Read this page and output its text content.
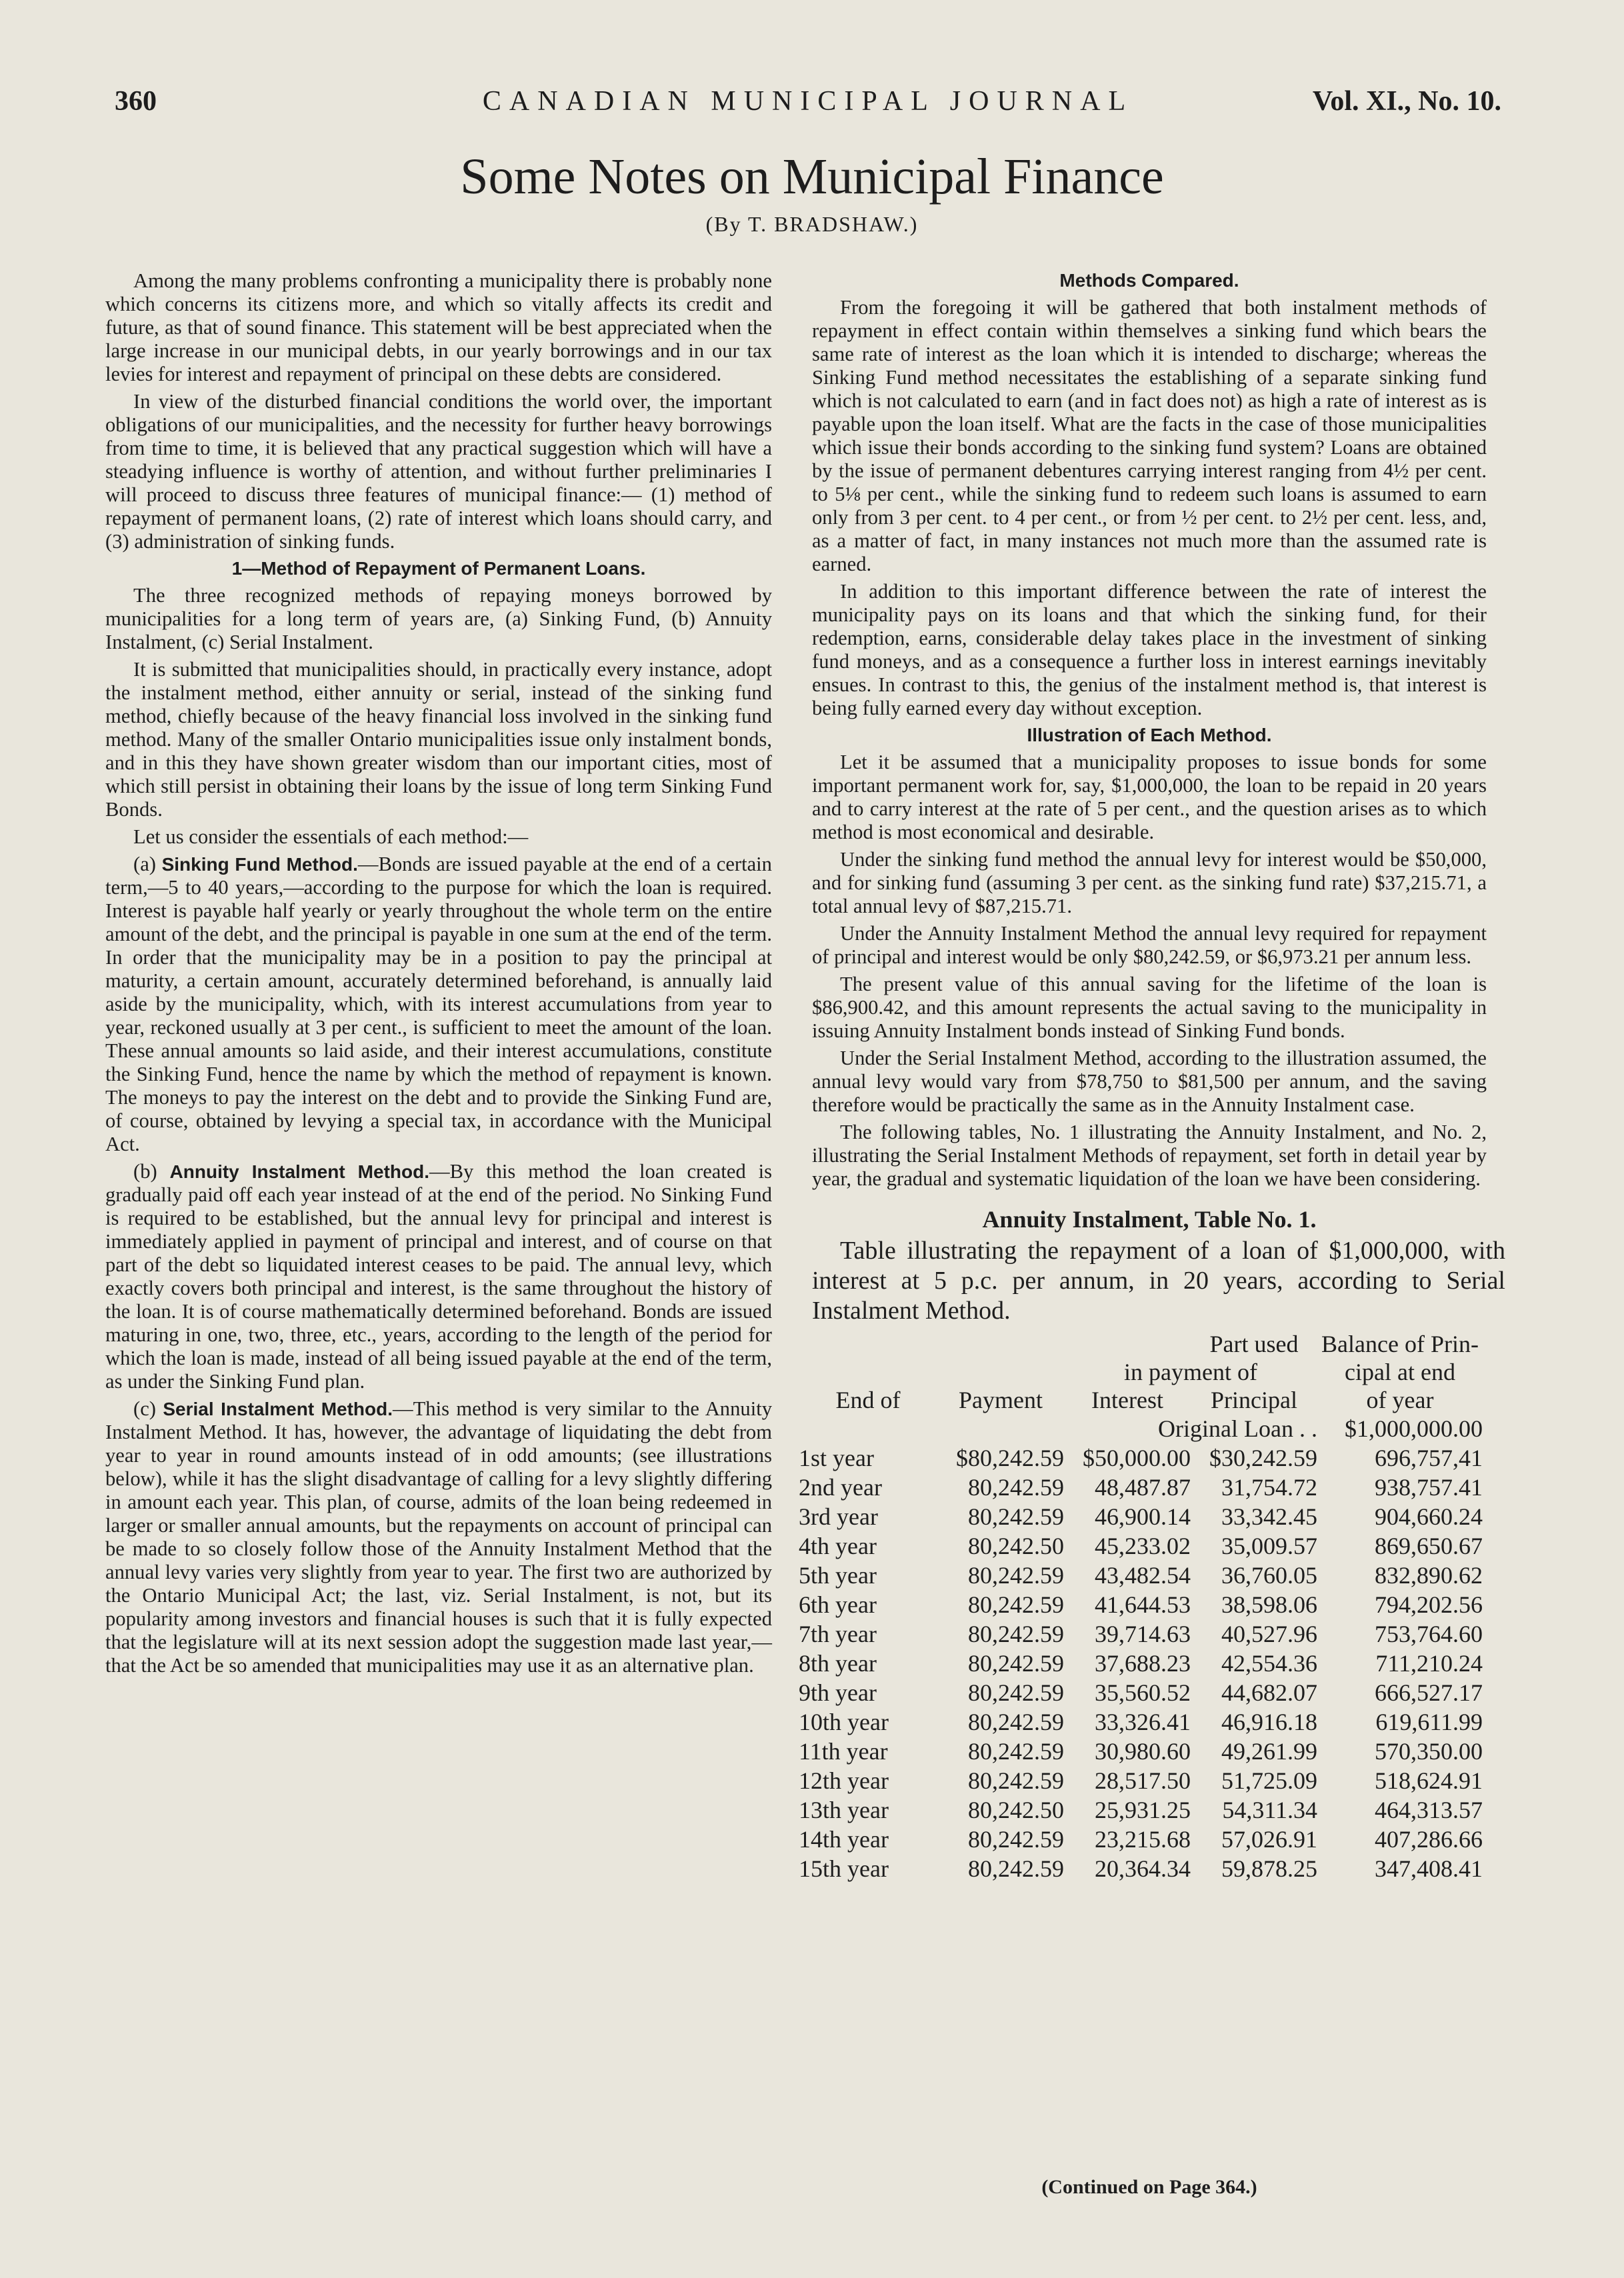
360	CANADIAN MUNICIPAL JOURNAL	Vol. XI., No. 10.
Some Notes on Municipal Finance
(By T. BRADSHAW.)

Among the many problems confronting a municipality there is probably none which concerns its citizens more, and which so vitally affects its credit and future, as that of sound finance. This statement will be best appreciated when the large increase in our municipal debts, in our yearly borrowings and in our tax levies for interest and repayment of principal on these debts are considered.

In view of the disturbed financial conditions the world over, the important obligations of our municipalities, and the necessity for further heavy borrowings from time to time, it is believed that any practical suggestion which will have a steadying influence is worthy of attention, and without further preliminaries I will proceed to discuss three features of municipal finance:— (1) method of repayment of permanent loans, (2) rate of interest which loans should carry, and (3) administration of sinking funds.

1—Method of Repayment of Permanent Loans.

The three recognized methods of repaying moneys borrowed by municipalities for a long term of years are, (a) Sinking Fund, (b) Annuity Instalment, (c) Serial Instalment.

It is submitted that municipalities should, in practically every instance, adopt the instalment method, either annuity or serial, instead of the sinking fund method, chiefly because of the heavy financial loss involved in the sinking fund method. Many of the smaller Ontario municipalities issue only instalment bonds, and in this they have shown greater wisdom than our important cities, most of which still persist in obtaining their loans by the issue of long term Sinking Fund Bonds.

Let us consider the essentials of each method:—

(a) Sinking Fund Method.—Bonds are issued payable at the end of a certain term,—5 to 40 years,—according to the purpose for which the loan is required. Interest is payable half yearly or yearly throughout the whole term on the entire amount of the debt, and the principal is payable in one sum at the end of the term. In order that the municipality may be in a position to pay the principal at maturity, a certain amount, accurately determined beforehand, is annually laid aside by the municipality, which, with its interest accumulations from year to year, reckoned usually at 3 per cent., is sufficient to meet the amount of the loan. These annual amounts so laid aside, and their interest accumulations, constitute the Sinking Fund, hence the name by which the method of repayment is known. The moneys to pay the interest on the debt and to provide the Sinking Fund are, of course, obtained by levying a special tax, in accordance with the Municipal Act.

(b) Annuity Instalment Method.—By this method the loan created is gradually paid off each year instead of at the end of the period. No Sinking Fund is required to be established, but the annual levy for principal and interest is immediately applied in payment of principal and interest, and of course on that part of the debt so liquidated interest ceases to be paid. The annual levy, which exactly covers both principal and interest, is the same throughout the history of the loan. It is of course mathematically determined beforehand. Bonds are issued maturing in one, two, three, etc., years, according to the length of the period for which the loan is made, instead of all being issued payable at the end of the term, as under the Sinking Fund plan.

(c) Serial Instalment Method.—This method is very similar to the Annuity Instalment Method. It has, however, the advantage of liquidating the debt from year to year in round amounts instead of in odd amounts; (see illustrations below), while it has the slight disadvantage of calling for a levy slightly differing in amount each year. This plan, of course, admits of the loan being redeemed in larger or smaller annual amounts, but the repayments on account of principal can be made to so closely follow those of the Annuity Instalment Method that the annual levy varies very slightly from year to year. The first two are authorized by the Ontario Municipal Act; the last, viz. Serial Instalment, is not, but its popularity among investors and financial houses is such that it is fully expected that the legislature will at its next session adopt the suggestion made last year,—that the Act be so amended that municipalities may use it as an alternative plan.

Methods Compared.

From the foregoing it will be gathered that both instalment methods of repayment in effect contain within themselves a sinking fund which bears the same rate of interest as the loan which it is intended to discharge; whereas the Sinking Fund method necessitates the establishing of a separate sinking fund which is not calculated to earn (and in fact does not) as high a rate of interest as is payable upon the loan itself. What are the facts in the case of those municipalities which issue their bonds according to the sinking fund system? Loans are obtained by the issue of permanent debentures carrying interest ranging from 4½ per cent. to 5⅛ per cent., while the sinking fund to redeem such loans is assumed to earn only from 3 per cent. to 4 per cent., or from ½ per cent. to 2½ per cent. less, and, as a matter of fact, in many instances not much more than the assumed rate is earned.

In addition to this important difference between the rate of interest the municipality pays on its loans and that which the sinking fund, for their redemption, earns, considerable delay takes place in the investment of sinking fund moneys, and as a consequence a further loss in interest earnings inevitably ensues. In contrast to this, the genius of the instalment method is, that interest is being fully earned every day without exception.

Illustration of Each Method.

Let it be assumed that a municipality proposes to issue bonds for some important permanent work for, say, $1,000,000, the loan to be repaid in 20 years and to carry interest at the rate of 5 per cent., and the question arises as to which method is most economical and desirable.

Under the sinking fund method the annual levy for interest would be $50,000, and for sinking fund (assuming 3 per cent. as the sinking fund rate) $37,215.71, a total annual levy of $87,215.71.

Under the Annuity Instalment Method the annual levy required for repayment of principal and interest would be only $80,242.59, or $6,973.21 per annum less.

The present value of this annual saving for the lifetime of the loan is $86,900.42, and this amount represents the actual saving to the municipality in issuing Annuity Instalment bonds instead of Sinking Fund bonds.

Under the Serial Instalment Method, according to the illustration assumed, the annual levy would vary from $78,750 to $81,500 per annum, and the saving therefore would be practically the same as in the Annuity Instalment case.

The following tables, No. 1 illustrating the Annuity Instalment, and No. 2, illustrating the Serial Instalment Methods of repayment, set forth in detail year by year, the gradual and systematic liquidation of the loan we have been considering.

Annuity Instalment, Table No. 1.

Table illustrating the repayment of a loan of $1,000,000, with interest at 5 p.c. per annum, in 20 years, according to Serial Instalment Method.

			Part used	Balance of Prin-
		in payment of		cipal at end
End of	Payment	Interest	Principal	of year
		Original Loan . .		$1,000,000.00
1st year	$80,242.59	$50,000.00	$30,242.59	696,757,41
2nd year	80,242.59	48,487.87	31,754.72	938,757.41
3rd year	80,242.59	46,900.14	33,342.45	904,660.24
4th year	80,242.50	45,233.02	35,009.57	869,650.67
5th year	80,242.59	43,482.54	36,760.05	832,890.62
6th year	80,242.59	41,644.53	38,598.06	794,202.56
7th year	80,242.59	39,714.63	40,527.96	753,764.60
8th year	80,242.59	37,688.23	42,554.36	711,210.24
9th year	80,242.59	35,560.52	44,682.07	666,527.17
10th year	80,242.59	33,326.41	46,916.18	619,611.99
11th year	80,242.59	30,980.60	49,261.99	570,350.00
12th year	80,242.59	28,517.50	51,725.09	518,624.91
13th year	80,242.50	25,931.25	54,311.34	464,313.57
14th year	80,242.59	23,215.68	57,026.91	407,286.66
15th year	80,242.59	20,364.34	59,878.25	347,408.41
(Continued on Page 364.)
